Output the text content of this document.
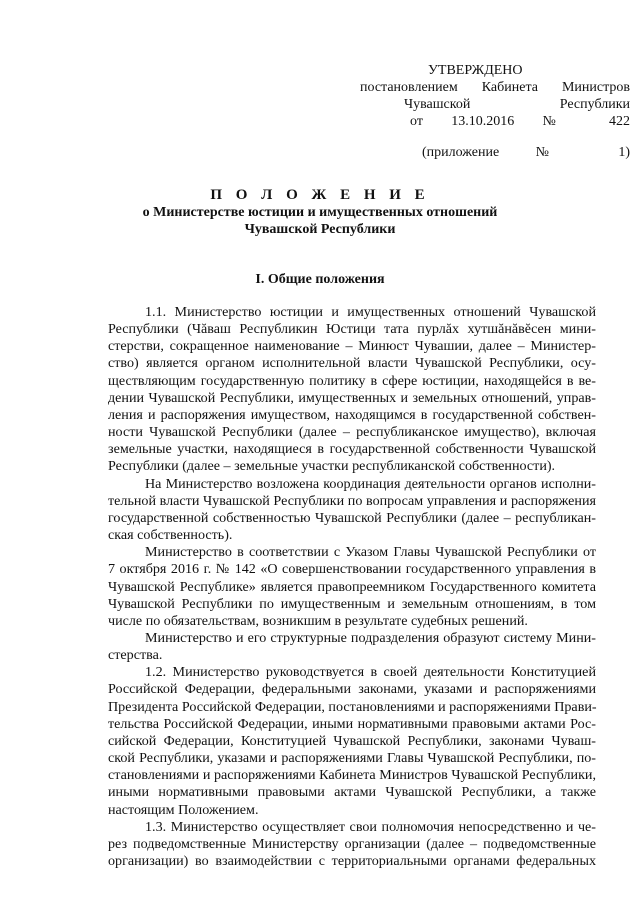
УТВЕРЖДЕНО
постановлением Кабинета Министров
Чувашской Республики
от 13.10.2016 № 422
(приложение № 1)
П О Л О Ж Е Н И Е
о Министерстве юстиции и имущественных отношений
Чувашской Республики
I. Общие положения
1.1. Министерство юстиции и имущественных отношений Чувашской
Республики (Чăваш Республикин Юстици тата пурлăх хутшăнăвĕсен мини-
стерстви, сокращенное наименование – Минюст Чувашии, далее – Министер-
ство) является органом исполнительной власти Чувашской Республики, осу-
ществляющим государственную политику в сфере юстиции, находящейся в ве-
дении Чувашской Республики, имущественных и земельных отношений, управ-
ления и распоряжения имуществом, находящимся в государственной собствен-
ности Чувашской Республики (далее – республиканское имущество), включая
земельные участки, находящиеся в государственной собственности Чувашской
Республики (далее – земельные участки республиканской собственности).
На Министерство возложена координация деятельности органов исполни-
тельной власти Чувашской Республики по вопросам управления и распоряжения
государственной собственностью Чувашской Республики (далее – республикан-
ская собственность).
Министерство в соответствии с Указом Главы Чувашской Республики от
7 октября 2016 г. № 142 «О совершенствовании государственного управления в
Чувашской Республике» является правопреемником Государственного комитета
Чувашской Республики по имущественным и земельным отношениям, в том
числе по обязательствам, возникшим в результате судебных решений.
Министерство и его структурные подразделения образуют систему Мини-
стерства.
1.2. Министерство руководствуется в своей деятельности Конституцией
Российской Федерации, федеральными законами, указами и распоряжениями
Президента Российской Федерации, постановлениями и распоряжениями Прави-
тельства Российской Федерации, иными нормативными правовыми актами Рос-
сийской Федерации, Конституцией Чувашской Республики, законами Чуваш-
ской Республики, указами и распоряжениями Главы Чувашской Республики, по-
становлениями и распоряжениями Кабинета Министров Чувашской Республики,
иными нормативными правовыми актами Чувашской Республики, а также
настоящим Положением.
1.3. Министерство осуществляет свои полномочия непосредственно и че-
рез подведомственные Министерству организации (далее – подведомственные
организации) во взаимодействии с территориальными органами федеральных
